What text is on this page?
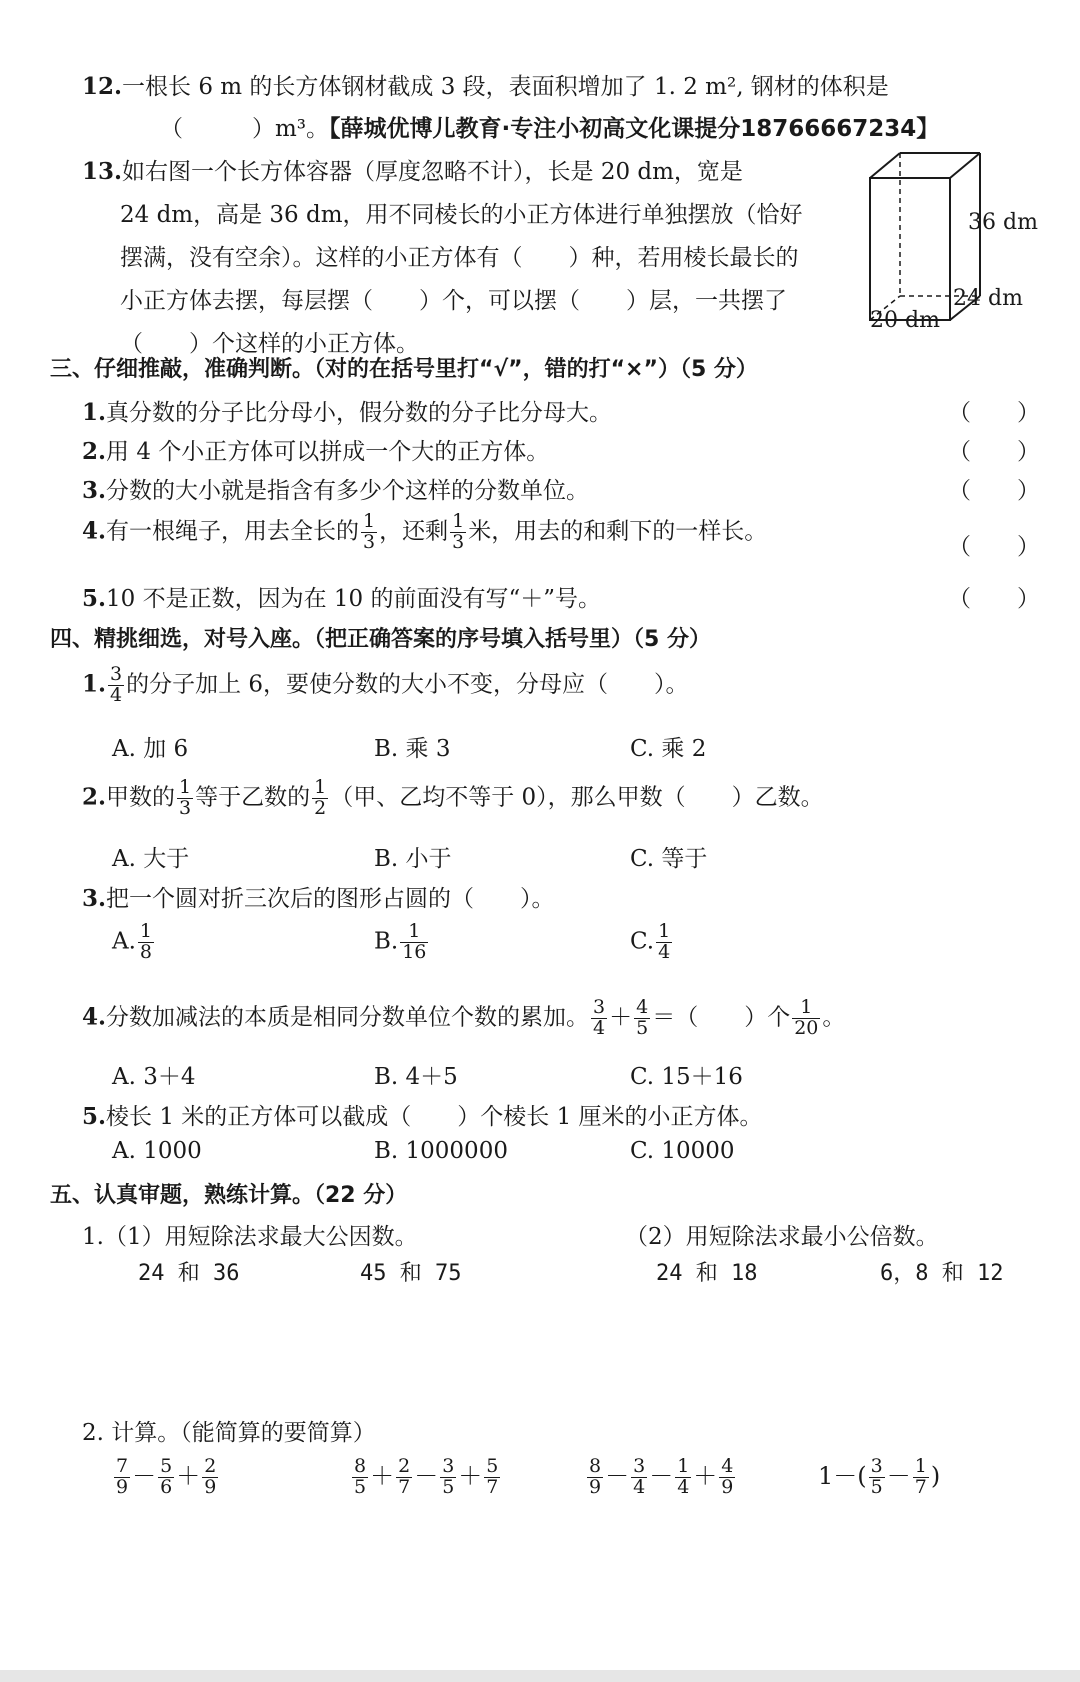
12.一根长 6 m 的长方体钢材截成 3 段，表面积增加了 1. 2 m², 钢材的体积是
（　　　）m³。【薛城优博儿教育·专注小初高文化课提分18766667234】
13.如右图一个长方体容器（厚度忽略不计），长是 20 dm，宽是
24 dm，高是 36 dm，用不同棱长的小正方体进行单独摆放（恰好
摆满，没有空余）。这样的小正方体有（　　）种，若用棱长最长的
小正方体去摆，每层摆（　　）个，可以摆（　　）层，一共摆了
（　　）个这样的小正方体。
36 dm
24 dm
20 dm
三、仔细推敲，准确判断。（对的在括号里打“√”，错的打“×”）（5 分）
1.真分数的分子比分母小，假分数的分子比分母大。	（　　）
2.用 4 个小正方体可以拼成一个大的正方体。	（　　）
3.分数的大小就是指含有多少个这样的分数单位。	（　　）
4.有一根绳子，用去全长的 $\frac{1}{3}$ ，还剩 $\frac{1}{3}$ 米，用去的和剩下的一样长。
（　　）
5.10 不是正数，因为在 10 的前面没有写“＋”号。	（　　）
四、精挑细选，对号入座。（把正确答案的序号填入括号里）（5 分）
1. $\frac{3}{4}$ 的分子加上 6，要使分数的大小不变，分母应（　　）。
A. 加 6	B. 乘 3	C. 乘 2
2.甲数的 $\frac{1}{3}$ 等于乙数的 $\frac{1}{2}$ （甲、乙均不等于 0），那么甲数（　　）乙数。
A. 大于	B. 小于	C. 等于
3.把一个圆对折三次后的图形占圆的（　　）。
A. $\frac{1}{8}$	B. $\frac{1}{16}$	C. $\frac{1}{4}$
4.分数加减法的本质是相同分数单位个数的累加。 $\frac{3}{4} + \frac{4}{5}$ ＝（　　）个 $\frac{1}{20}$ 。
A. 3＋4	B. 4＋5	C. 15＋16
5.棱长 1 米的正方体可以截成（　　）个棱长 1 厘米的小正方体。
A. 1000	B. 1000000	C. 10000
五、认真审题，熟练计算。（22 分）
1.（1）用短除法求最大公因数。	（2）用短除法求最小公倍数。
24 和 36	45 和 75	24 和 18	6，8 和 12
2. 计算。（能简算的要简算）
$\frac{7}{9} - \frac{5}{6} + \frac{2}{9}$	$\frac{8}{5} + \frac{2}{7} - \frac{3}{5} + \frac{5}{7}$	$\frac{8}{9} - \frac{3}{4} - \frac{1}{4} + \frac{4}{9}$	$1-( \frac{3}{5} - \frac{1}{7}$ )
